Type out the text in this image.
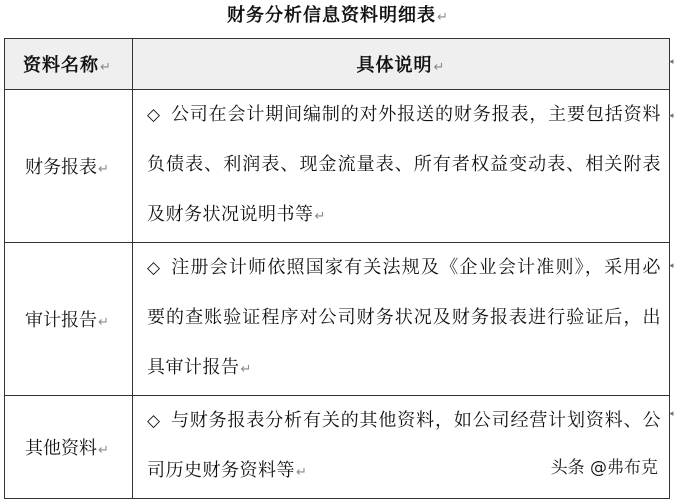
财务分析信息资料明细表↵
资料名称↵	具体说明↵
财务报表↵	◇ 公司在会计期间编制的对外报送的财务报表，主要包括资料负债表、利润表、现金流量表、所有者权益变动表、相关附表及财务状况说明书等↵

审计报告↵	◇ 注册会计师依照国家有关法规及《企业会计准则》，采用必要的查账验证程序对公司财务状况及财务报表进行验证后，出具审计报告↵

其他资料↵	◇ 与财务报表分析有关的其他资料，如公司经营计划资料、公司历史财务资料等↵
◂
◂
◂
◂
头条 @弗布克
